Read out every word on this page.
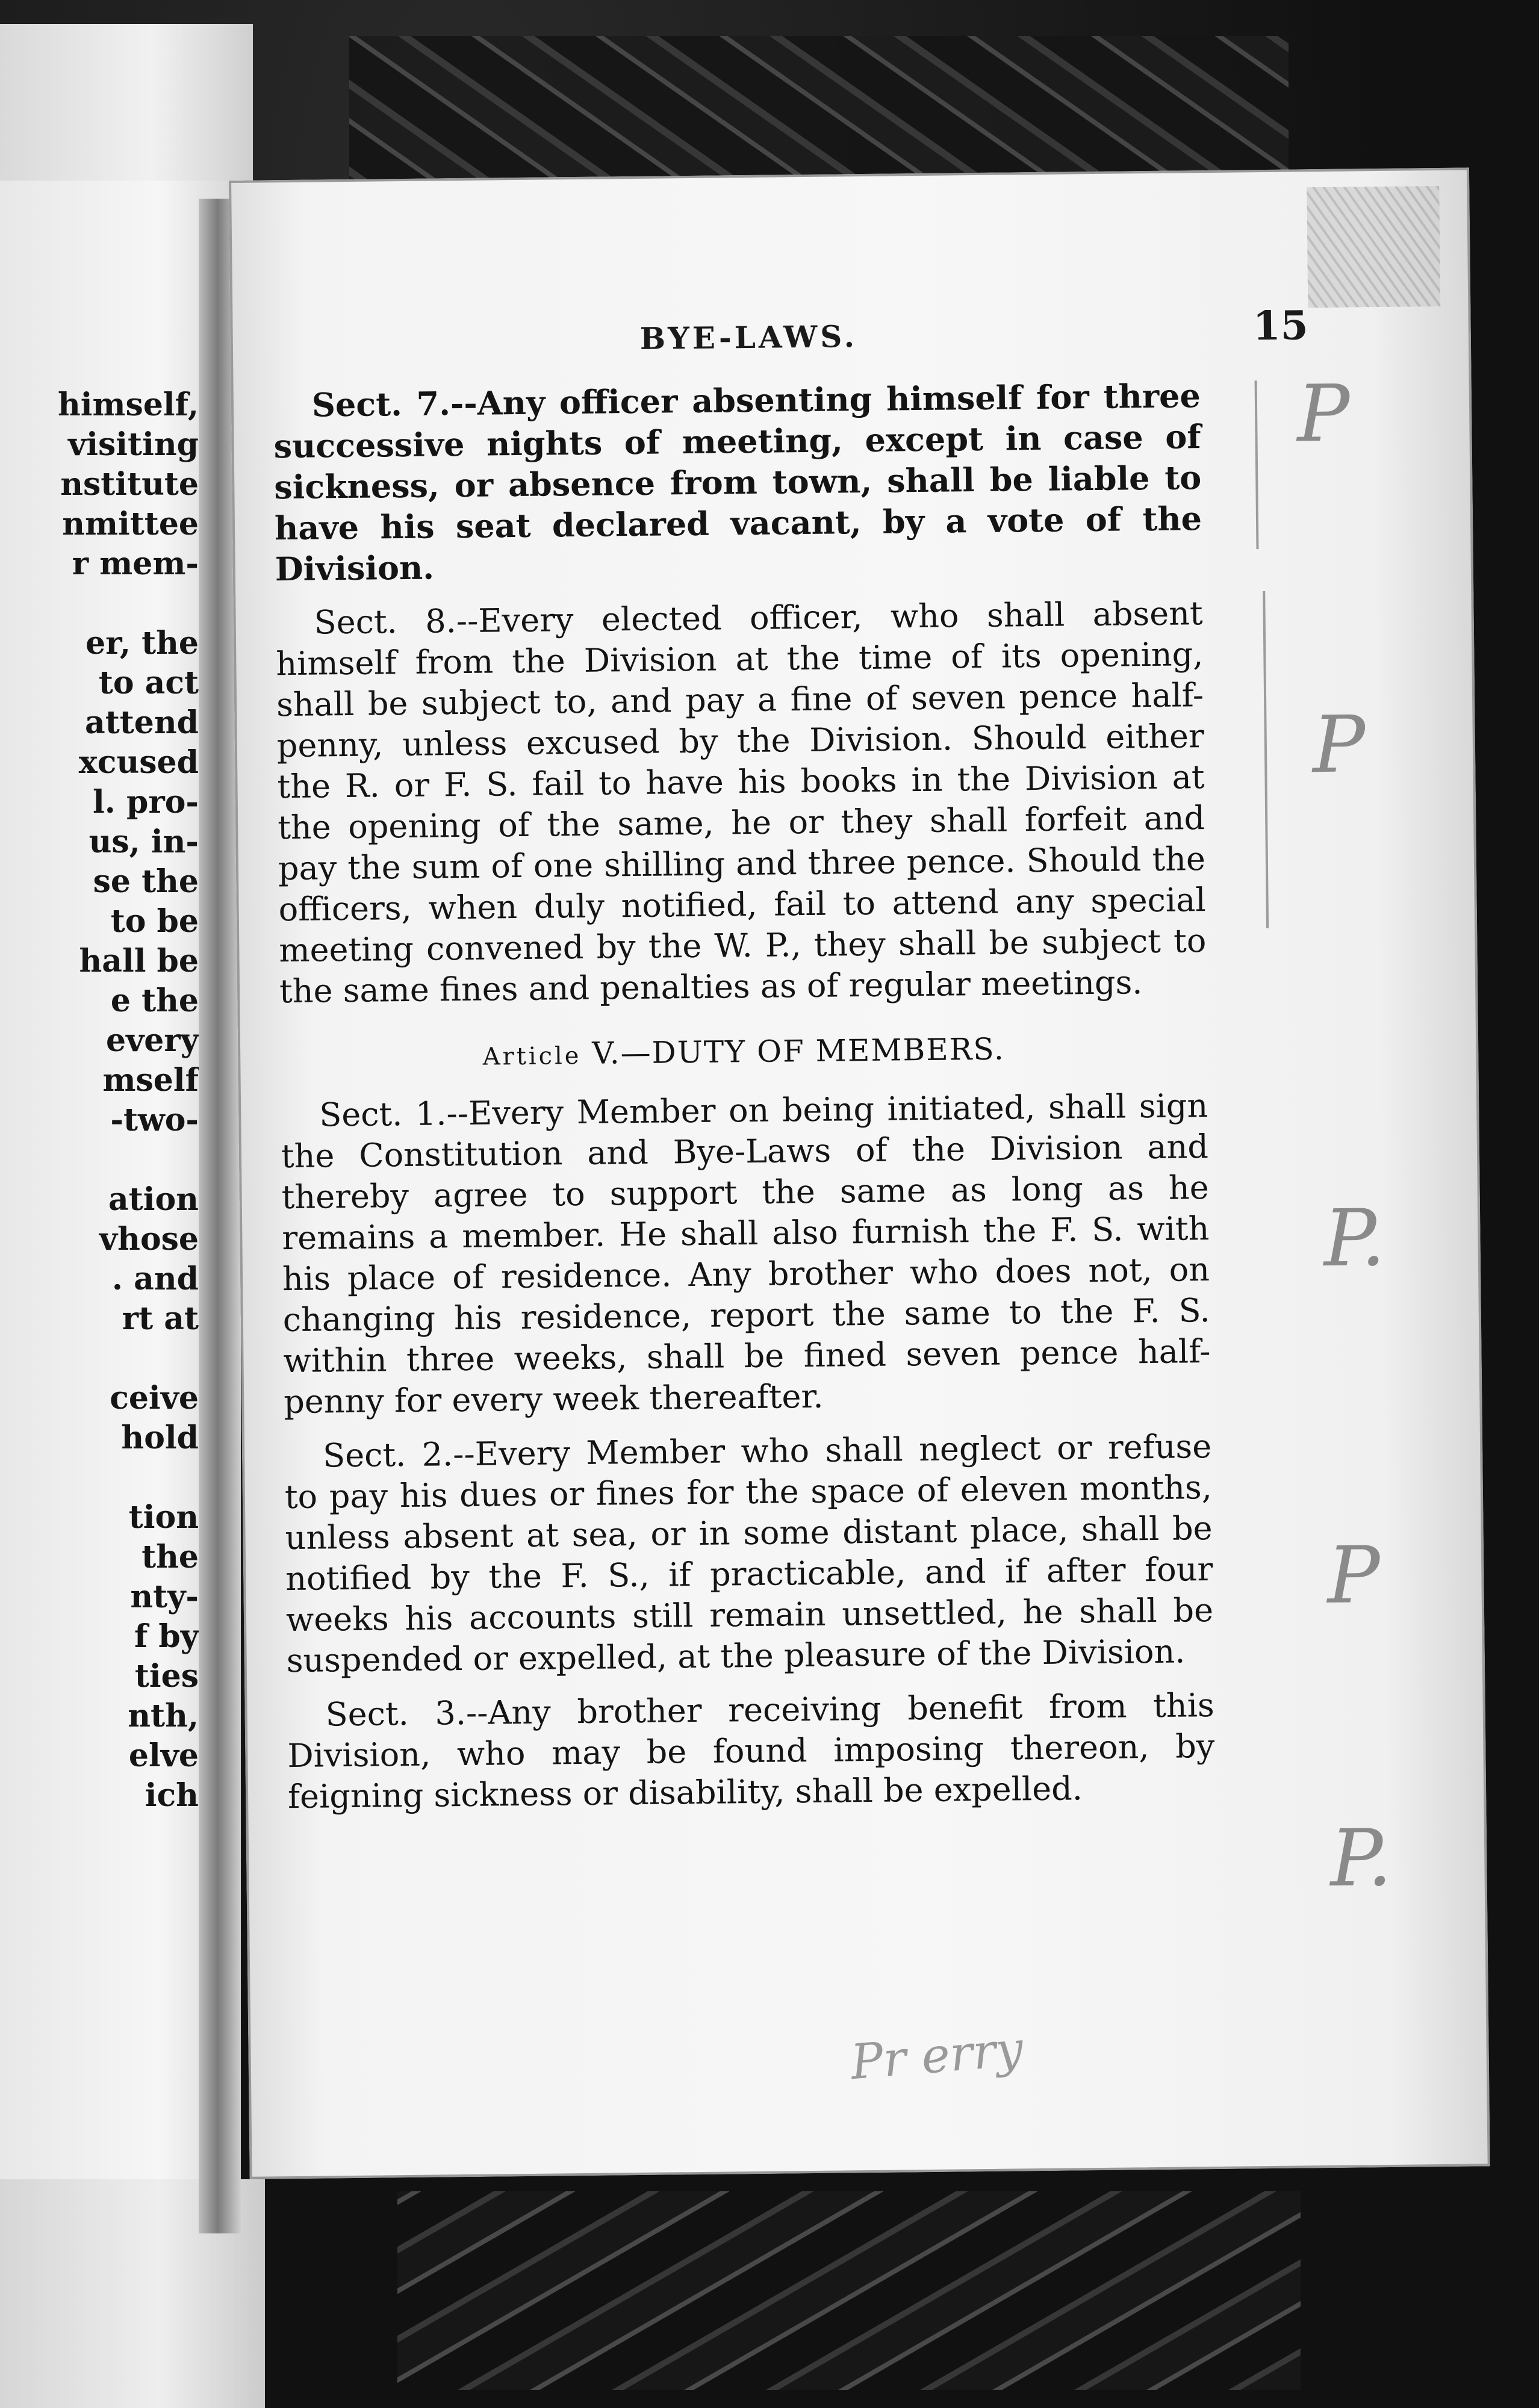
himself,
visiting
nstitute
nmittee
r mem-
er, the
to act
attend
xcused
l. pro-
us, in-
se the
to be
hall be
e the
every
mself
-two-
ation
vhose
. and
rt at
ceive
hold
tion
the
nty-
f by
ties
nth,
elve
ich
BYE-LAWS.	15

Sect. 7.--Any officer absenting himself for three successive nights of meeting, except in case of sickness, or absence from town, shall be liable to have his seat declared vacant, by a vote of the Division.

Sect. 8.--Every elected officer, who shall absent himself from the Division at the time of its opening, shall be subject to, and pay a fine of seven pence half-penny, unless excused by the Division. Should either the R. or F. S. fail to have his books in the Division at the opening of the same, he or they shall forfeit and pay the sum of one shilling and three pence. Should the officers, when duly notified, fail to attend any special meeting convened by the W. P., they shall be subject to the same fines and penalties as of regular meetings.

Article V.—DUTY OF MEMBERS.

Sect. 1.--Every Member on being initiated, shall sign the Constitution and Bye-Laws of the Division and thereby agree to support the same as long as he remains a member. He shall also furnish the F. S. with his place of residence. Any brother who does not, on changing his residence, report the same to the F. S. within three weeks, shall be fined seven pence half-penny for every week thereafter.

Sect. 2.--Every Member who shall neglect or refuse to pay his dues or fines for the space of eleven months, unless absent at sea, or in some distant place, shall be notified by the F. S., if practicable, and if after four weeks his accounts still remain unsettled, he shall be suspended or expelled, at the pleasure of the Division.

Sect. 3.--Any brother receiving benefit from this Division, who may be found imposing thereon, by feigning sickness or disability, shall be expelled.

P
P
P.
P
P.
Pr erry
